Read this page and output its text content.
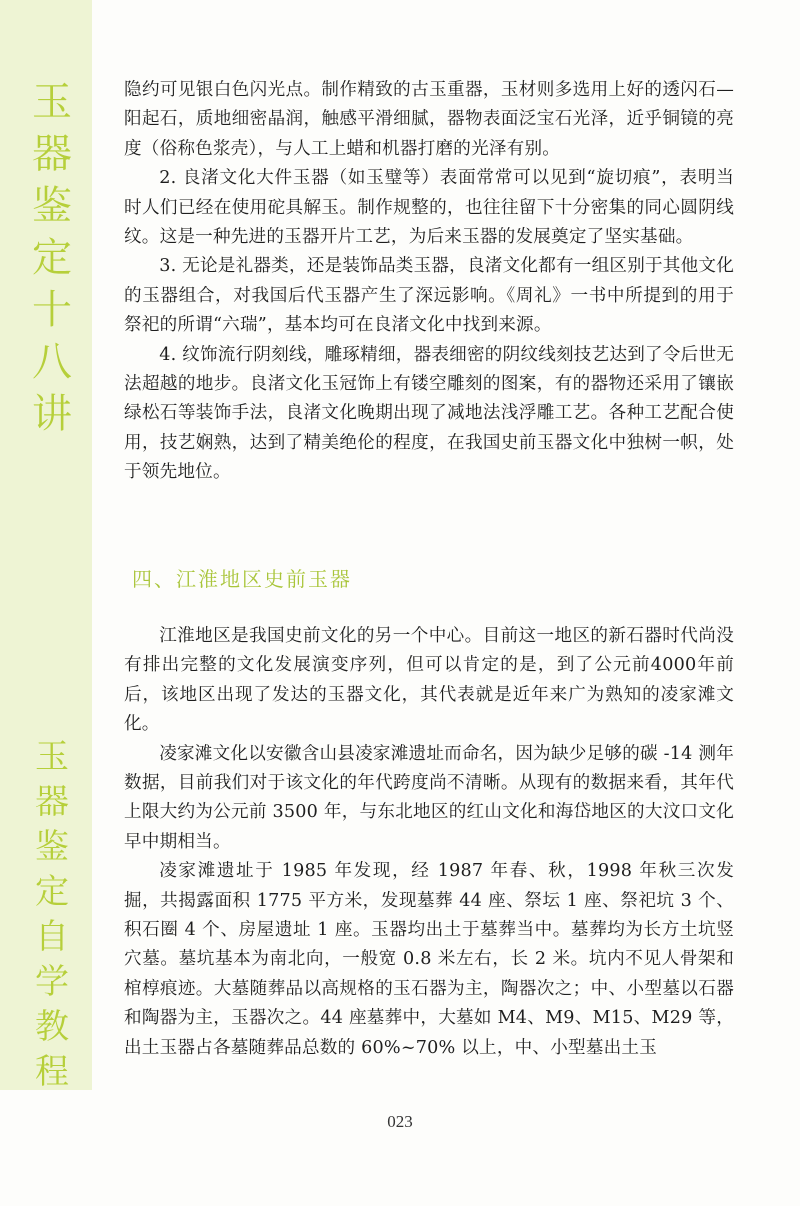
玉
器
鉴
定
十
八
讲
玉
器
鉴
定
自
学
教
程

隐约可见银白色闪光点。制作精致的古玉重器，玉材则多选用上好的透闪石—阳起石，质地细密晶润，触感平滑细腻，器物表面泛宝石光泽，近乎铜镜的亮度（俗称色浆壳），与人工上蜡和机器打磨的光泽有别。

2. 良渚文化大件玉器（如玉璧等）表面常常可以见到“旋切痕”，表明当时人们已经在使用砣具解玉。制作规整的，也往往留下十分密集的同心圆阴线纹。这是一种先进的玉器开片工艺，为后来玉器的发展奠定了坚实基础。

3. 无论是礼器类，还是装饰品类玉器，良渚文化都有一组区别于其他文化的玉器组合，对我国后代玉器产生了深远影响。《周礼》一书中所提到的用于祭祀的所谓“六瑞”，基本均可在良渚文化中找到来源。

4. 纹饰流行阴刻线，雕琢精细，器表细密的阴纹线刻技艺达到了令后世无法超越的地步。良渚文化玉冠饰上有镂空雕刻的图案，有的器物还采用了镶嵌绿松石等装饰手法，良渚文化晚期出现了减地法浅浮雕工艺。各种工艺配合使用，技艺娴熟，达到了精美绝伦的程度，在我国史前玉器文化中独树一帜，处于领先地位。

四、江淮地区史前玉器

江淮地区是我国史前文化的另一个中心。目前这一地区的新石器时代尚没有排出完整的文化发展演变序列，但可以肯定的是，到了公元前4000年前后，该地区出现了发达的玉器文化，其代表就是近年来广为熟知的凌家滩文化。

凌家滩文化以安徽含山县凌家滩遗址而命名，因为缺少足够的碳 -14 测年数据，目前我们对于该文化的年代跨度尚不清晰。从现有的数据来看，其年代上限大约为公元前 3500 年，与东北地区的红山文化和海岱地区的大汶口文化早中期相当。

凌家滩遗址于 1985 年发现，经 1987 年春、秋，1998 年秋三次发掘，共揭露面积 1775 平方米，发现墓葬 44 座、祭坛 1 座、祭祀坑 3 个、积石圈 4 个、房屋遗址 1 座。玉器均出土于墓葬当中。墓葬均为长方土坑竖穴墓。墓坑基本为南北向，一般宽 0.8 米左右，长 2 米。坑内不见人骨架和棺椁痕迹。大墓随葬品以高规格的玉石器为主，陶器次之；中、小型墓以石器和陶器为主，玉器次之。44 座墓葬中，大墓如 M4、M9、M15、M29 等，出土玉器占各墓随葬品总数的 60%~70% 以上，中、小型墓出土玉

023
